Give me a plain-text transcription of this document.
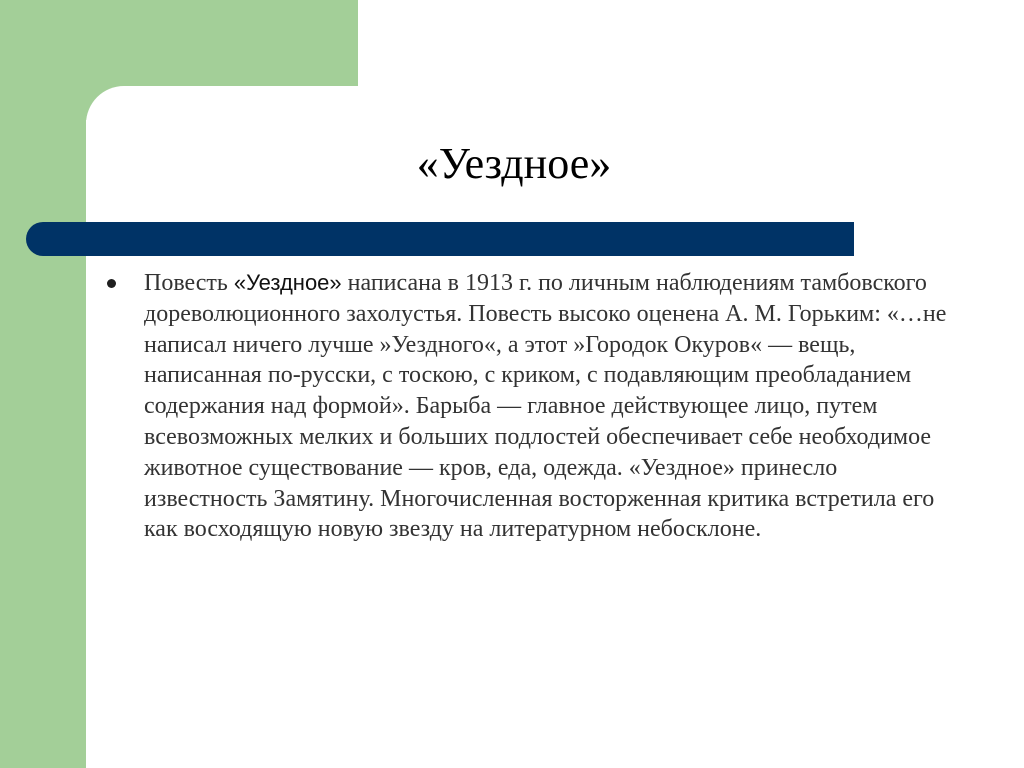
«Уездное»

Повесть «Уездное» написана в 1913 г. по личным наблюдениям тамбовского дореволюционного захолустья. Повесть высоко оценена А. М. Горьким: «…не написал ничего лучше »Уездного«, а этот »Городок Окуров« — вещь, написанная по-русски, с тоскою, с криком, с подавляющим преобладанием содержания над формой». Барыба — главное действующее лицо, путем всевозможных мелких и больших подлостей обеспечивает себе необходимое животное существование — кров, еда, одежда. «Уездное» принесло известность Замятину. Многочисленная восторженная критика встретила его как восходящую новую звезду на литературном небосклоне.
